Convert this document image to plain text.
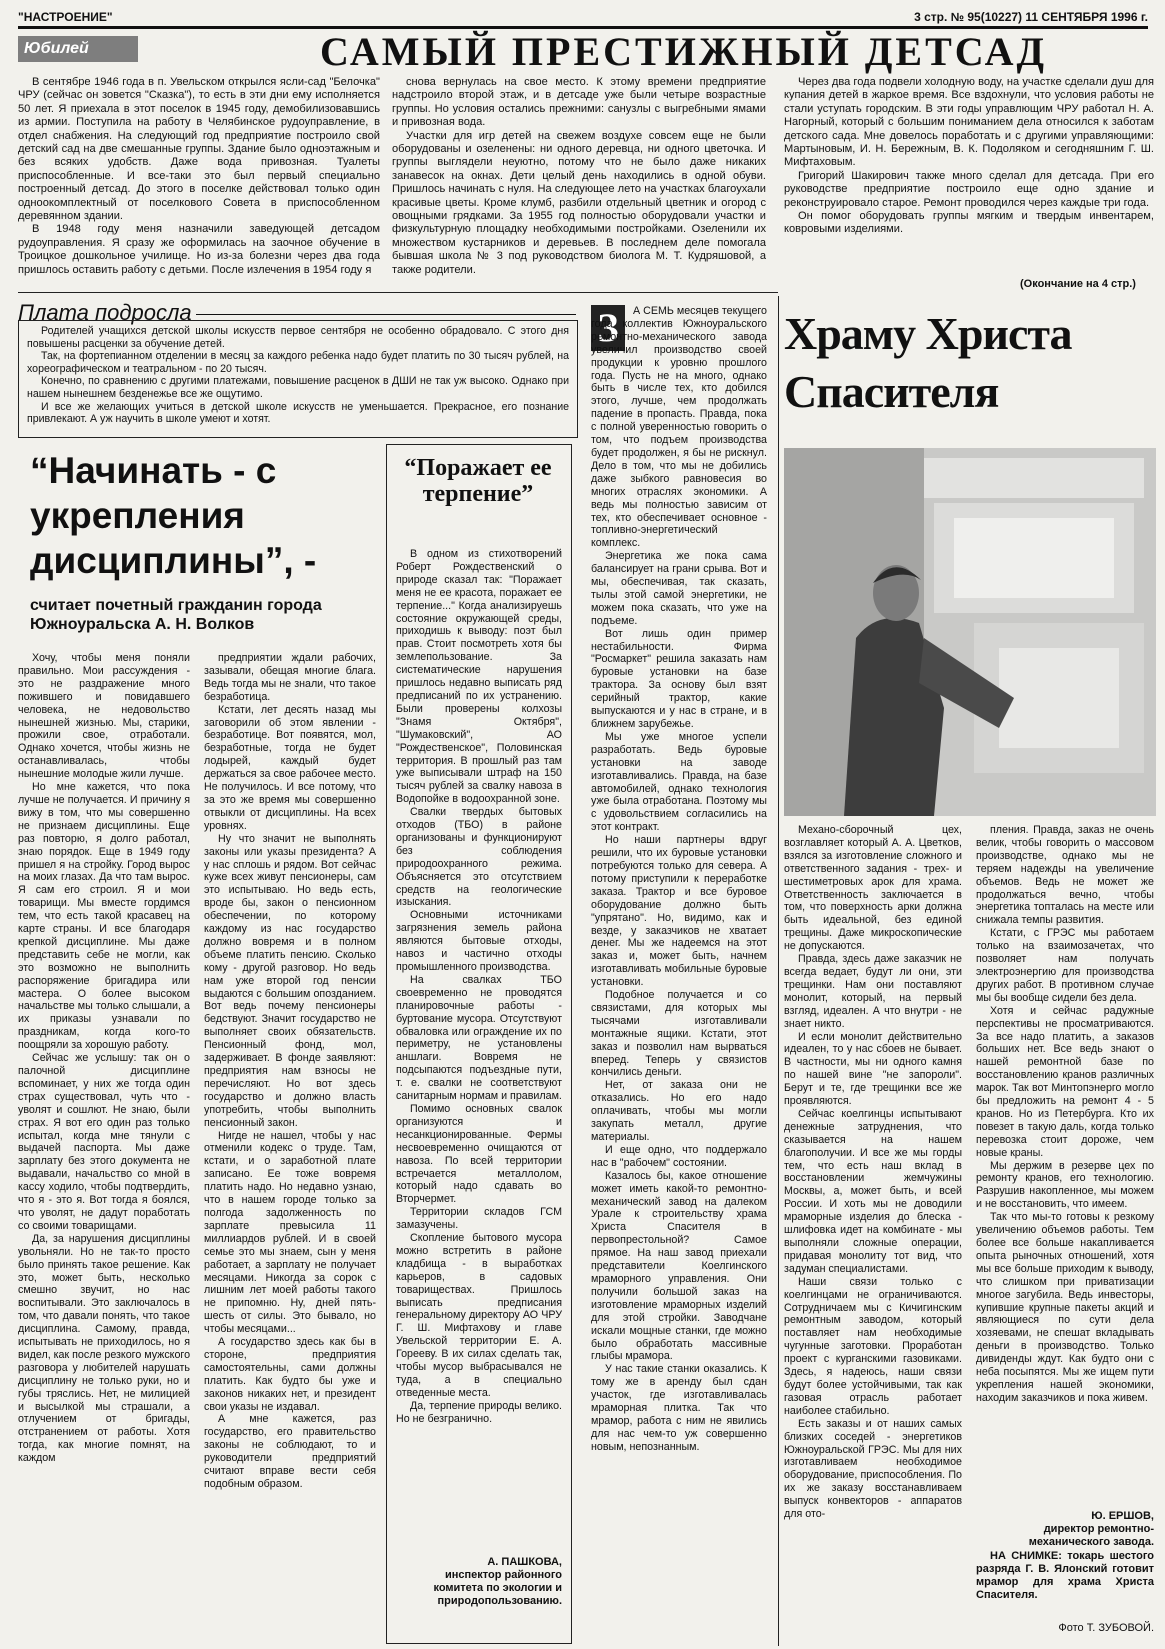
"НАСТРОЕНИЕ"	3 стр. № 95(10227) 11 СЕНТЯБРЯ 1996 г.
Юбилей	САМЫЙ ПРЕСТИЖНЫЙ ДЕТСАД

В сентябре 1946 года в п. Увельском открылся ясли-сад "Белочка" ЧРУ (сейчас он зовется "Сказка"), то есть в эти дни ему исполняется 50 лет. Я приехала в этот поселок в 1945 году, демобилизовавшись из армии. Поступила на работу в Челябинское рудоуправление, в отдел снабжения. На следующий год предприятие построило свой детский сад на две смешанные группы. Здание было одноэтажным и без всяких удобств. Даже вода привозная. Туалеты приспособленные. И все-таки это был первый специально построенный детсад. До этого в поселке действовал только один одноокомплектный от поселкового Совета в приспособленном деревянном здании.

В 1948 году меня назначили заведующей детсадом рудоуправления. Я сразу же оформилась на заочное обучение в Троицкое дошкольное училище. Но из-за болезни через два года пришлось оставить работу с детьми. После излечения в 1954 году я

снова вернулась на свое место. К этому времени предприятие надстроило второй этаж, и в детсаде уже были четыре возрастные группы. Но условия остались прежними: санузлы с выгребными ямами и привозная вода.

Участки для игр детей на свежем воздухе совсем еще не были оборудованы и озеленены: ни одного деревца, ни одного цветочка. И группы выглядели неуютно, потому что не было даже никаких занавесок на окнах. Дети целый день находились в одной обуви. Пришлось начинать с нуля. На следующее лето на участках благоухали красивые цветы. Кроме клумб, разбили отдельный цветник и огород с овощными грядками. За 1955 год полностью оборудовали участки и физкультурную площадку необходимыми постройками. Озеленили их множеством кустарников и деревьев. В последнем деле помогала бывшая школа № 3 под руководством биолога М. Т. Кудряшовой, а также родители.

Через два года подвели холодную воду, на участке сделали душ для купания детей в жаркое время. Все вздохнули, что условия работы не стали уступать городским. В эти годы управлющим ЧРУ работал Н. А. Нагорный, который с большим пониманием дела относился к заботам детского сада. Мне довелось поработать и с другими управляющими: Мартыновым, И. Н. Бережным, В. К. Подоляком и сегодняшним Г. Ш. Мифтаховым.

Григорий Шакирович также много сделал для детсада. При его руководстве предприятие построило еще одно здание и реконструировало старое. Ремонт проводился через каждые три года.

Он помог оборудовать группы мягким и твердым инвентарем, ковровыми изделиями.

(Окончание на 4 стр.)
Плата подросла

Родителей учащихся детской школы искусств первое сентября не особенно обрадовало. С этого дня повышены расценки за обучение детей.

Так, на фортепианном отделении в месяц за каждого ребенка надо будет платить по 30 тысяч рублей, на хореографическом и театральном - по 20 тысяч.

Конечно, по сравнению с другими платежами, повышение расценок в ДШИ не так уж высоко. Однако при нашем нынешнем безденежье все же ощутимо.

И все же желающих учиться в детской школе искусств не уменьшается. Прекрасное, его познание привлекают. А уж научить в школе умеют и хотят.

“Начинать - с укрепления дисциплины”, -
считает почетный гражданин города Южноуральска А. Н. Волков

Хочу, чтобы меня поняли правильно. Мои рассуждения - это не раздражение много пожившего и повидавшего человека, не недовольство нынешней жизнью. Мы, старики, прожили свое, отработали. Однако хочется, чтобы жизнь не останавливалась, чтобы нынешние молодые жили лучше.

Но мне кажется, что пока лучше не получается. И причину я вижу в том, что мы совершенно не признаем дисциплины. Еще раз повторю, я долго работал, знаю порядок. Еще в 1949 году пришел я на стройку. Город вырос на моих глазах. Да что там вырос. Я сам его строил. Я и мои товарищи. Мы вместе гордимся тем, что есть такой красавец на карте страны. И все благодаря крепкой дисциплине. Мы даже представить себе не могли, как это возможно не выполнить распоряжение бригадира или мастера. О более высоком начальстве мы только слышали, а их приказы узнавали по праздникам, когда кого-то поощряли за хорошую работу.

Сейчас же услышу: так он о палочной дисциплине вспоминает, у них же тогда один страх существовал, чуть что - уволят и сошлют. Не знаю, были страх. Я вот его один раз только испытал, когда мне тянули с выдачей паспорта. Мы даже зарплату без этого документа не выдавали, начальство со мной в кассу ходило, чтобы подтвердить, что я - это я. Вот тогда я боялся, что уволят, не дадут поработать со своими товарищами.

Да, за нарушения дисциплины увольняли. Но не так-то просто было принять такое решение. Как это, может быть, несколько смешно звучит, но нас воспитывали. Это заключалось в том, что давали понять, что такое дисциплина. Самому, правда, испытывать не приходилось, но я видел, как после резкого мужского разговора у любителей нарушать дисциплину не только руки, но и губы тряслись. Нет, не милицией и высылкой мы страшали, а отлучением от бригады, отстранением от работы. Хотя тогда, как многие помнят, на каждом

предприятии ждали рабочих, зазывали, обещая многие блага. Ведь тогда мы не знали, что такое безработица.

Кстати, лет десять назад мы заговорили об этом явлении - безработице. Вот появятся, мол, безработные, тогда не будет лодырей, каждый будет держаться за свое рабочее место. Не получилось. И все потому, что за это же время мы совершенно отвыкли от дисциплины. На всех уровнях.

Ну что значит не выполнять законы или указы президента? А у нас сплошь и рядом. Вот сейчас куже всех живут пенсионеры, сам это испытываю. Но ведь есть, вроде бы, закон о пенсионном обеспечении, по которому каждому из нас государство должно вовремя и в полном объеме платить пенсию. Сколько кому - другой разговор. Но ведь нам уже второй год пенсии выдаются с большим опозданием. Вот ведь почему пенсионеры бедствуют. Значит государство не выполняет своих обязательств. Пенсионный фонд, мол, задерживает. В фонде заявляют: предприятия нам взносы не перечисляют. Но вот здесь государство и должно власть употребить, чтобы выполнить пенсионный закон.

Нигде не нашел, чтобы у нас отменили кодекс о труде. Там, кстати, и о заработной плате записано. Ее тоже вовремя платить надо. Но недавно узнаю, что в нашем городе только за полгода задолженность по зарплате превысила 11 миллиардов рублей. И в своей семье это мы знаем, сын у меня работает, а зарплату не получает месяцами. Никогда за сорок с лишним лет моей работы такого не припомню. Ну, дней пять-шесть от силы. Это бывало, но чтобы месяцами...

А государство здесь как бы в стороне, предприятия самостоятельны, сами должны платить. Как будто бы уже и законов никаких нет, и президент свои указы не издавал.

А мне кажется, раз государство, его правительство законы не соблюдают, то и руководители предприятий считают вправе вести себя подобным образом.

“Поражает ее терпение”

В одном из стихотворений Роберт Рождественский о природе сказал так: "Поражает меня не ее красота, поражает ее терпение..." Когда анализируешь состояние окружающей среды, приходишь к выводу: поэт был прав. Стоит посмотреть хотя бы землепользование. За систематические нарушения пришлось недавно выписать ряд предписаний по их устранению. Были проверены колхозы "Знамя Октября", "Шумаковский", АО "Рождественское", Половинская территория. В прошлый раз там уже выписывали штраф на 150 тысяч рублей за свалку навоза в Водопойке в водоохранной зоне.

Свалки твердых бытовых отходов (ТБО) в районе организованы и функционируют без соблюдения природоохранного режима. Объясняется это отсутствием средств на геологические изыскания.

Основными источниками загрязнения земель района являются бытовые отходы, навоз и частично отходы промышленного производства.

На свалках ТБО своевременно не проводятся планировочные работы - буртование мусора. Отсутствуют обваловка или ограждение их по периметру, не установлены аншлаги. Вовремя не подсыпаются подъездные пути, т. е. свалки не соответствуют санитарным нормам и правилам.

Помимо основных свалок организуются и несанкционированные. Фермы несвоевременно очищаются от навоза. По всей территории встречается металлолом, который надо сдавать во Вторчермет.

Территории складов ГСМ замазучены.

Скопление бытового мусора можно встретить в районе кладбища - в выработках карьеров, в садовых товариществах. Пришлось выписать предписания генеральному директору АО ЧРУ Г. Ш. Мифтахову и главе Увельской территории Е. А. Горееву. В их силах сделать так, чтобы мусор выбрасывался не туда, а в специально отведенные места.

Да, терпение природы велико. Но не безгранично.

А. ПАШКОВА,
инспектор районного комитета по экологии и природопользованию.
З	А СЕМЬ месяцев текущего года коллектив Южноуральского ремонтно-механического завода увеличил производство своей продукции к уровню прошлого года. Пусть не на много, однако быть в числе тех, кто добился этого, лучше, чем продолжать падение в пропасть. Правда, пока с полной уверенностью говорить о том, что подъем производства будет продолжен, я бы не рискнул. Дело в том, что мы не добились даже зыбкого равновесия во многих отраслях экономики. А ведь мы полностью зависим от тех, кто обеспечивает основное - топливно-энергетический комплекс.

Энергетика же пока сама балансирует на грани срыва. Вот и мы, обеспечивая, так сказать, тылы этой самой энергетики, не можем пока сказать, что уже на подъеме.

Вот лишь один пример нестабильности. Фирма "Росмаркет" решила заказать нам буровые установки на базе трактора. За основу был взят серийный трактор, какие выпускаются и у нас в стране, и в ближнем зарубежье.

Мы уже многое успели разработать. Ведь буровые установки на заводе изготавливались. Правда, на базе автомобилей, однако технология уже была отработана. Поэтому мы с удовольствием согласились на этот контракт.

Но наши партнеры вдруг решили, что их буровые установки потребуются только для севера. А потому приступили к переработке заказа. Трактор и все буровое оборудование должно быть "упрятано". Но, видимо, как и везде, у заказчиков не хватает денег. Мы же надеемся на этот заказ и, может быть, начнем изготавливать мобильные буровые установки.

Подобное получается и со связистами, для которых мы тысячами изготавливали монтажные ящики. Кстати, этот заказ и позволил нам вырваться вперед. Теперь у связистов кончились деньги.

Нет, от заказа они не отказались. Но его надо оплачивать, чтобы мы могли закупать металл, другие материалы.

И еще одно, что поддержало нас в "рабочем" состоянии.

Казалось бы, какое отношение может иметь какой-то ремонтно-механический завод на далеком Урале к строительству храма Христа Спасителя в первопрестольной? Самое прямое. На наш завод приехали представители Коелгинского мраморного управления. Они получили большой заказ на изготовление мраморных изделий для этой стройки. Заводчане искали мощные станки, где можно было обработать массивные глыбы мрамора.

У нас такие станки оказались. К тому же в аренду был сдан участок, где изготавливалась мраморная плитка. Так что мрамор, работа с ним не явились для нас чем-то уж совершенно новым, непознанным.

Храму Христа Спасителя

Механо-сборочный цех, возглавляет который А. А. Цветков, взялся за изготовление сложного и ответственного задания - трех- и шестиметровых арок для храма. Ответственность заключается в том, что поверхность арки должна быть идеальной, без единой трещины. Даже микроскопические не допускаются.

Правда, здесь даже заказчик не всегда ведает, будут ли они, эти трещинки. Нам они поставляют монолит, который, на первый взгляд, идеален. А что внутри - не знает никто.

И если монолит действительно идеален, то у нас сбоев не бывает. В частности, мы ни одного камня по нашей вине "не запороли". Берут и те, где трещинки все же проявляются.

Сейчас коелгинцы испытывают денежные затруднения, что сказывается на нашем благополучии. И все же мы горды тем, что есть наш вклад в восстановлении жемчужины Москвы, а, может быть, и всей России. И хоть мы не доводили мраморные изделия до блеска - шлифовка идет на комбинате - мы выполняли сложные операции, придавая монолиту тот вид, что задуман специалистами.

Наши связи только с коелгинцами не ограничиваются. Сотрудничаем мы с Кичигинским ремонтным заводом, который поставляет нам необходимые чугунные заготовки. Проработан проект с курганскими газовиками. Здесь, я надеюсь, наши связи будут более устойчивыми, так как газовая отрасль работает наиболее стабильно.

Есть заказы и от наших самых близких соседей - энергетиков Южноуральской ГРЭС. Мы для них изготавливаем необходимое оборудование, приспособления. По их же заказу восстанавливаем выпуск конвекторов - аппаратов для ото-

пления. Правда, заказ не очень велик, чтобы говорить о массовом производстве, однако мы не теряем надежды на увеличение объемов. Ведь не может же продолжаться вечно, чтобы энергетика топталась на месте или снижала темпы развития.

Кстати, с ГРЭС мы работаем только на взаимозачетах, что позволяет нам получать электроэнергию для производства других работ. В противном случае мы бы вообще сидели без дела.

Хотя и сейчас радужные перспективы не просматриваются. За все надо платить, а заказов больших нет. Все ведь знают о нашей ремонтной базе по восстановлению кранов различных марок. Так вот Минтопэнерго могло бы предложить на ремонт 4 - 5 кранов. Но из Петербурга. Кто их повезет в такую даль, когда только перевозка стоит дороже, чем новые краны.

Мы держим в резерве цех по ремонту кранов, его технологию. Разрушив накопленное, мы можем и не восстановить, что имеем.

Так что мы-то готовы к резкому увеличению объемов работы. Тем более все больше накапливается опыта рыночных отношений, хотя мы все больше приходим к выводу, что слишком при приватизации многое загубила. Ведь инвесторы, купившие крупные пакеты акций и являющиеся по сути дела хозяевами, не спешат вкладывать деньги в производство. Только дивиденды ждут. Как будто они с неба посыпятся. Мы же ищем пути укрепления нашей экономики, находим заказчиков и пока живем.

Ю. ЕРШОВ,
директор ремонтно-механического завода.
НА СНИМКЕ: токарь шестого разряда Г. В. Ялонский готовит мрамор для храма Христа Спасителя.
Фото Т. ЗУБОВОЙ.
